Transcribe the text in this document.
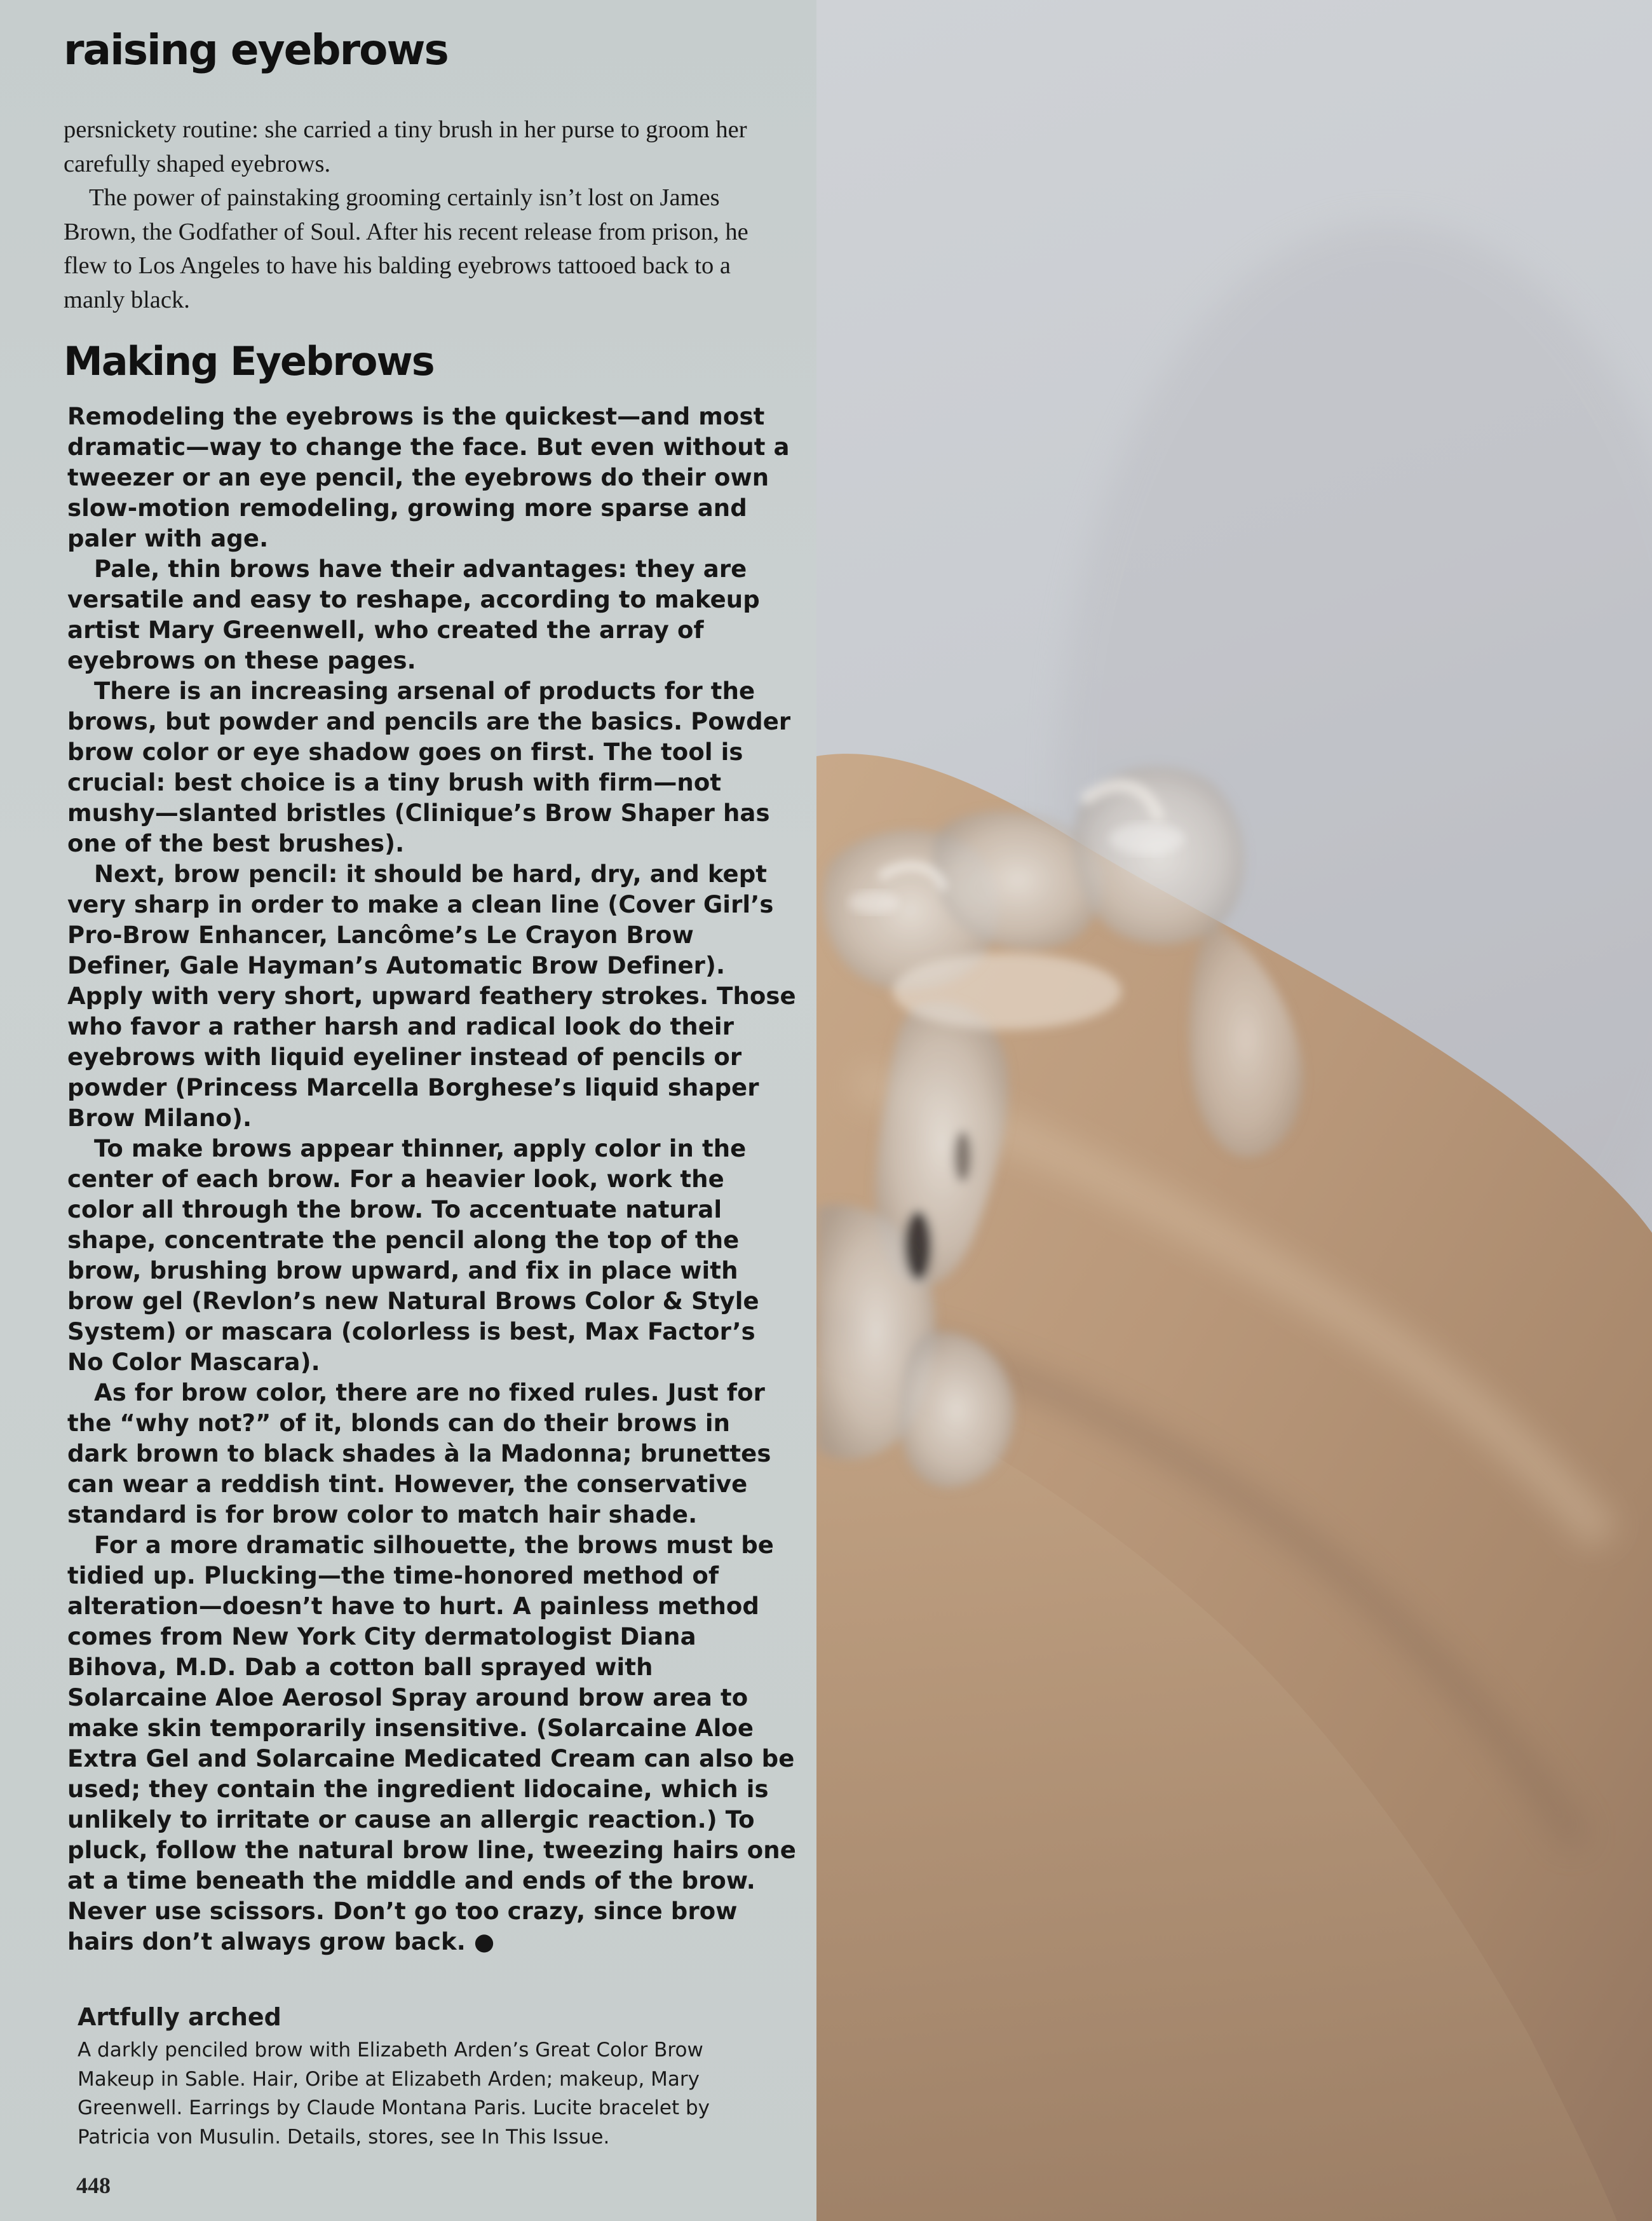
raising eyebrows

persnickety routine: she carried a tiny brush in her purse to groom her carefully shaped eyebrows.

The power of painstaking grooming certainly isn’t lost on James Brown, the Godfather of Soul. After his recent release from prison, he flew to Los Angeles to have his balding eyebrows tattooed back to a manly black.

Making Eyebrows

Remodeling the eyebrows is the quickest—and most dramatic—way to change the face. But even without a tweezer or an eye pencil, the eyebrows do their own slow-motion remodeling, growing more sparse and paler with age.

Pale, thin brows have their advantages: they are versatile and easy to reshape, according to makeup artist Mary Greenwell, who created the array of eyebrows on these pages.

There is an increasing arsenal of products for the brows, but powder and pencils are the basics. Powder brow color or eye shadow goes on first. The tool is crucial: best choice is a tiny brush with firm—not mushy—slanted bristles (Clinique’s Brow Shaper has one of the best brushes).

Next, brow pencil: it should be hard, dry, and kept very sharp in order to make a clean line (Cover Girl’s Pro-Brow Enhancer, Lancôme’s Le Crayon Brow Definer, Gale Hayman’s Automatic Brow Definer). Apply with very short, upward feathery strokes. Those who favor a rather harsh and radical look do their eyebrows with liquid eyeliner instead of pencils or powder (Princess Marcella Borghese’s liquid shaper Brow Milano).

To make brows appear thinner, apply color in the center of each brow. For a heavier look, work the color all through the brow. To accentuate natural shape, concentrate the pencil along the top of the brow, brushing brow upward, and fix in place with brow gel (Revlon’s new Natural Brows Color & Style System) or mascara (colorless is best, Max Factor’s No Color Mascara).

As for brow color, there are no fixed rules. Just for the “why not?” of it, blonds can do their brows in dark brown to black shades à la Madonna; brunettes can wear a reddish tint. However, the conservative standard is for brow color to match hair shade.

For a more dramatic silhouette, the brows must be tidied up. Plucking—the time-honored method of alteration—doesn’t have to hurt. A painless method comes from New York City dermatologist Diana Bihova, M.D. Dab a cotton ball sprayed with Solarcaine Aloe Aerosol Spray around brow area to make skin temporarily insensitive. (Solarcaine Aloe Extra Gel and Solarcaine Medicated Cream can also be used; they contain the ingredient lidocaine, which is unlikely to irritate or cause an allergic reaction.) To pluck, follow the natural brow line, tweezing hairs one at a time beneath the middle and ends of the brow. Never use scissors. Don’t go too crazy, since brow hairs don’t always grow back. ●

Artfully arched

A darkly penciled brow with Elizabeth Arden’s Great Color Brow Makeup in Sable. Hair, Oribe at Elizabeth Arden; makeup, Mary Greenwell. Earrings by Claude Montana Paris. Lucite bracelet by Patricia von Musulin. Details, stores, see In This Issue.

448
